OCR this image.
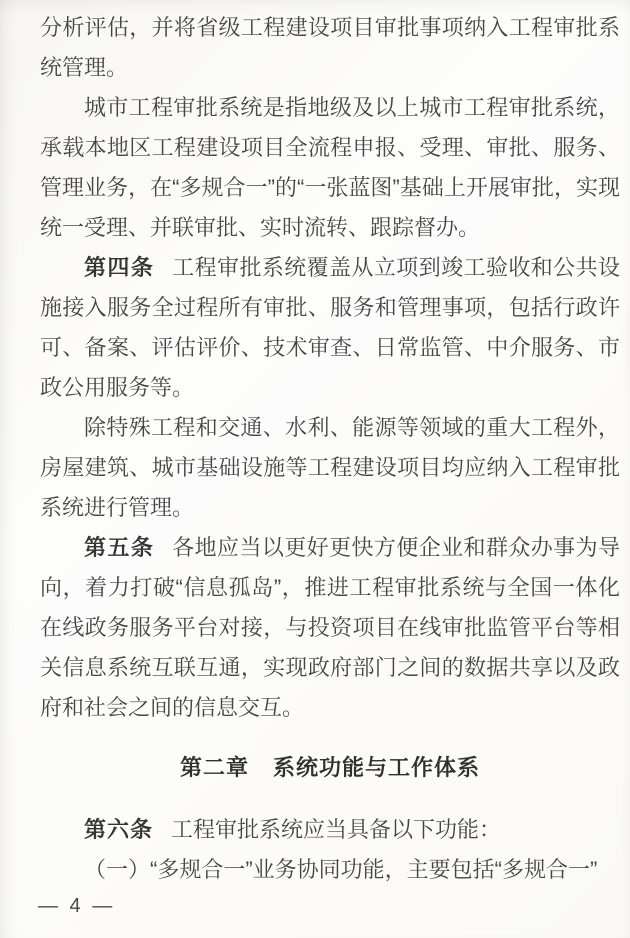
分析评估，并将省级工程建设项目审批事项纳入工程审批系统管理。

城市工程审批系统是指地级及以上城市工程审批系统，承载本地区工程建设项目全流程申报、受理、审批、服务、管理业务，在“多规合一”的“一张蓝图”基础上开展审批，实现统一受理、并联审批、实时流转、跟踪督办。

第四条 工程审批系统覆盖从立项到竣工验收和公共设施接入服务全过程所有审批、服务和管理事项，包括行政许可、备案、评估评价、技术审查、日常监管、中介服务、市政公用服务等。

除特殊工程和交通、水利、能源等领域的重大工程外，房屋建筑、城市基础设施等工程建设项目均应纳入工程审批系统进行管理。

第五条 各地应当以更好更快方便企业和群众办事为导向，着力打破“信息孤岛”，推进工程审批系统与全国一体化在线政务服务平台对接，与投资项目在线审批监管平台等相关信息系统互联互通，实现政府部门之间的数据共享以及政府和社会之间的信息交互。

第二章 系统功能与工作体系

第六条 工程审批系统应当具备以下功能：

（一）“多规合一”业务协同功能，主要包括“多规合一”

— 4 —
